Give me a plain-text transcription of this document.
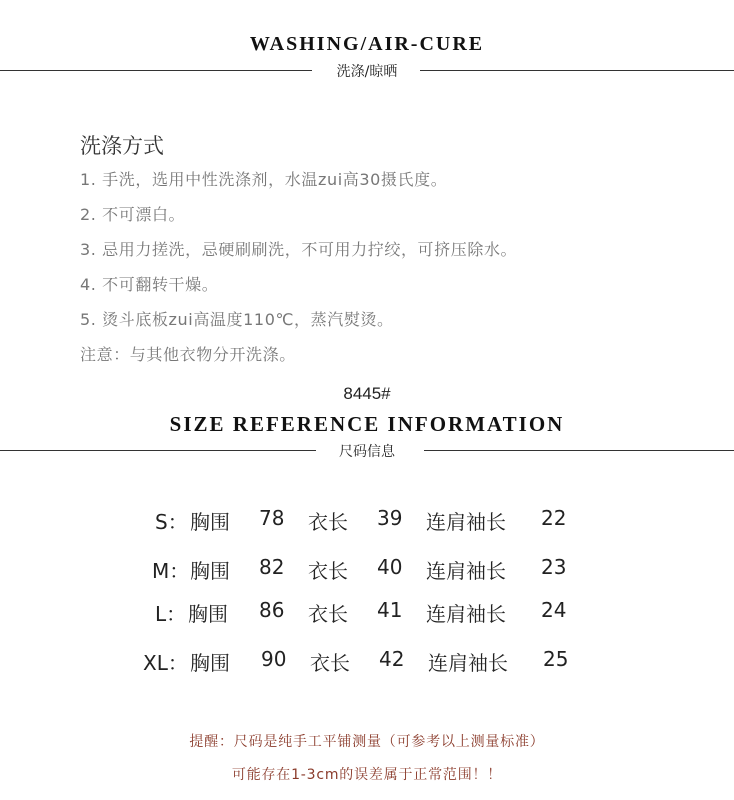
WASHING/AIR-CURE
洗涤/晾晒
洗涤方式
1. 手洗，选用中性洗涤剂，水温zui高30摄氏度。
2. 不可漂白。
3. 忌用力搓洗，忌硬刷刷洗，不可用力拧绞，可挤压除水。
4. 不可翻转干燥。
5. 烫斗底板zui高温度110℃，蒸汽熨烫。
注意：与其他衣物分开洗涤。
8445#
SIZE REFERENCE INFORMATION
尺码信息
S： 胸围 78 衣长 39 连肩袖长 22
M： 胸围 82 衣长 40 连肩袖长 23
L： 胸围 86 衣长 41 连肩袖长 24
XL： 胸围 90 衣长 42 连肩袖长 25
提醒：尺码是纯手工平铺测量（可参考以上测量标准）
可能存在1-3cm的误差属于正常范围！！
